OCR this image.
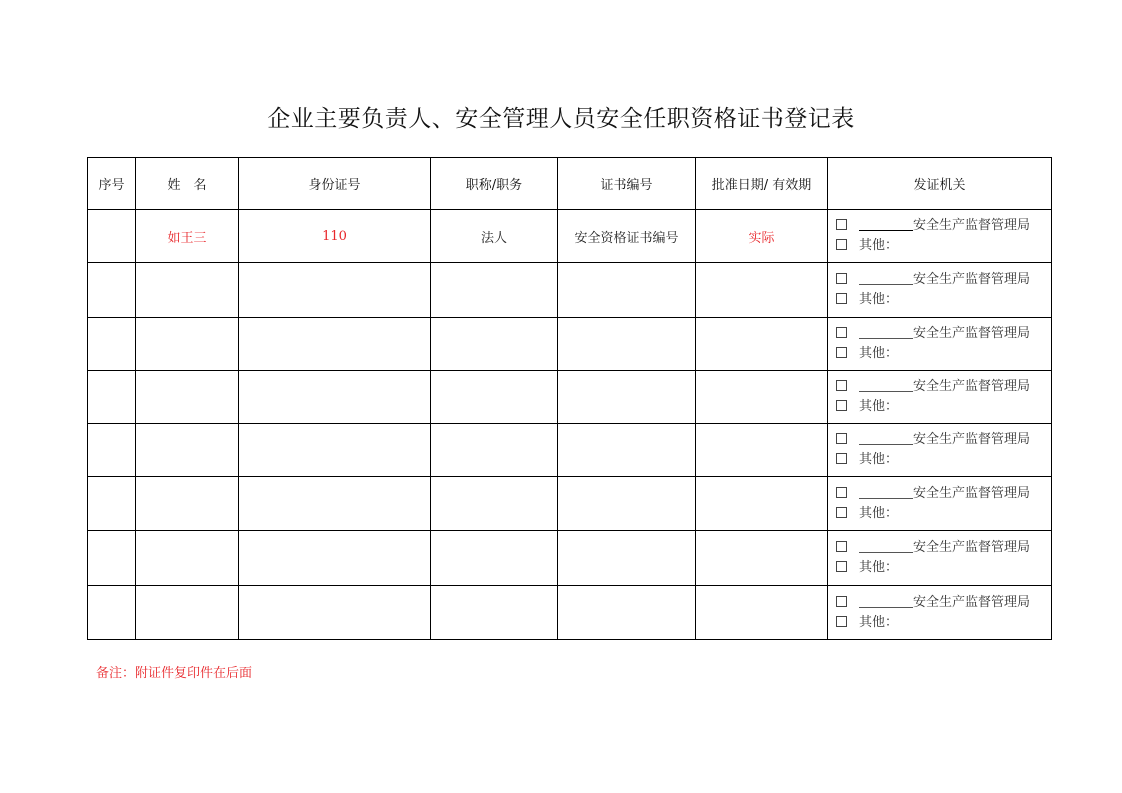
企业主要负责人、安全管理人员安全任职资格证书登记表
序号	姓　名	身份证号	职称/职务	证书编号	批准日期/ 有效期	发证机关
	如王三	110	法人	安全资格证书编号	实际	安全生产监督管理局
其他：

						安全生产监督管理局
其他：

						安全生产监督管理局
其他：

						安全生产监督管理局
其他：

						安全生产监督管理局
其他：

						安全生产监督管理局
其他：

						安全生产监督管理局
其他：

						安全生产监督管理局
其他：
备注：附证件复印件在后面
